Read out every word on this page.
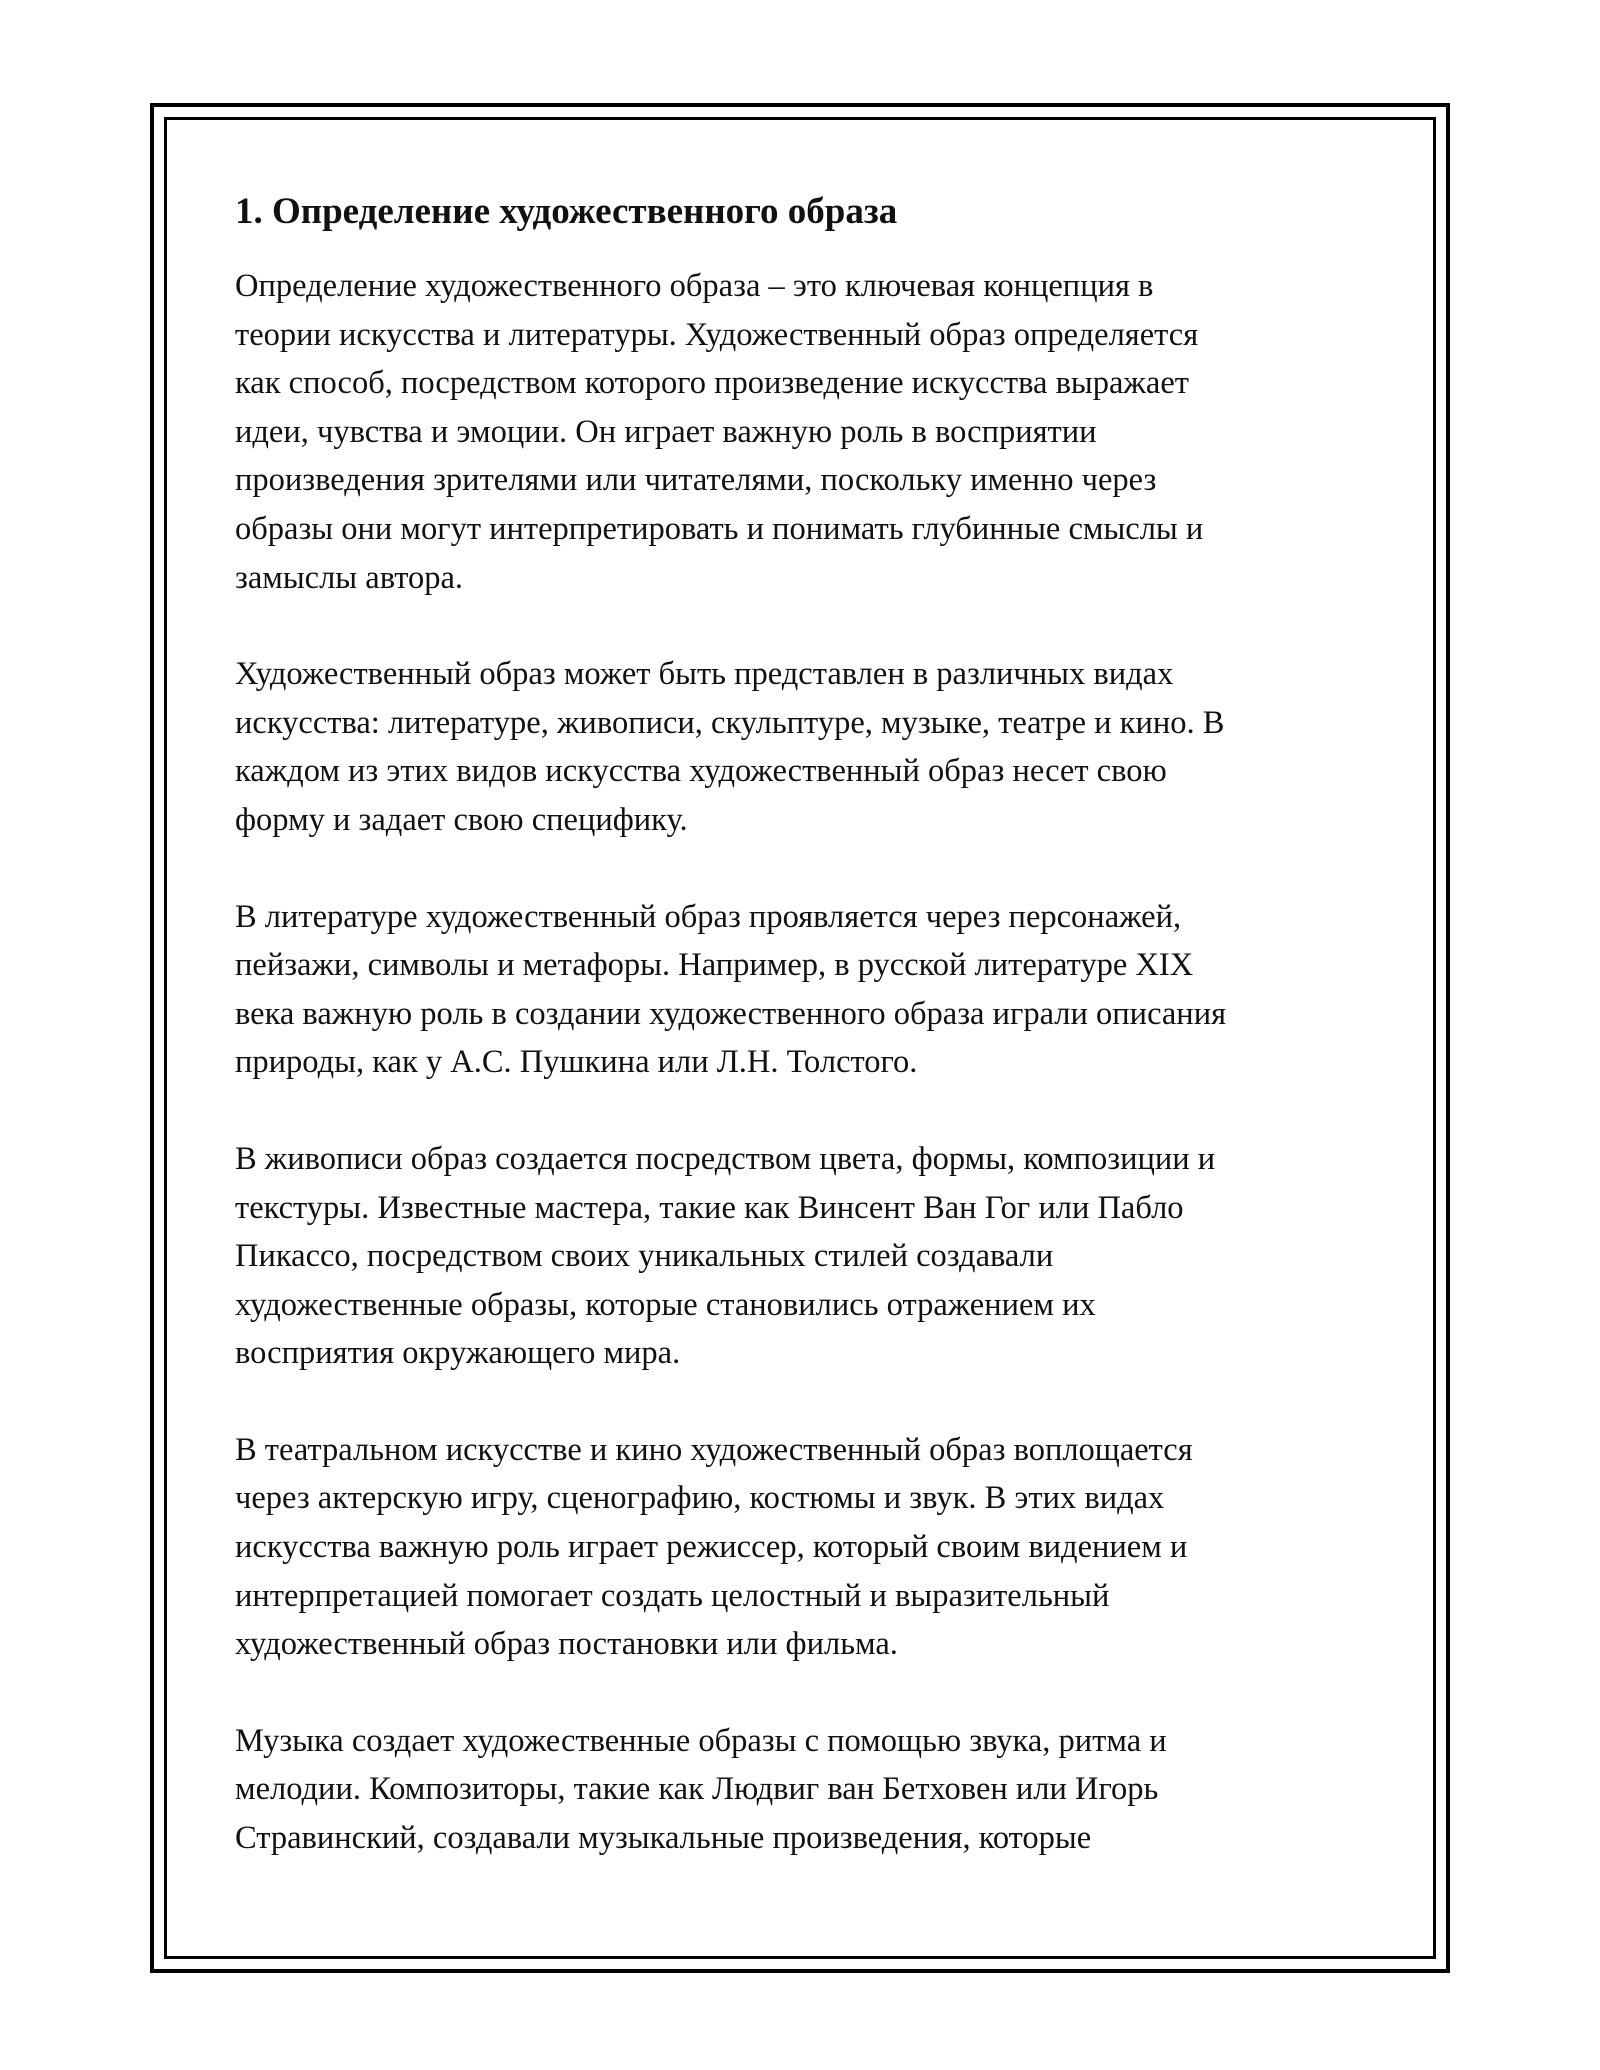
1. Определение художественного образа

Определение художественного образа – это ключевая концепция в
теории искусства и литературы. Художественный образ определяется
как способ, посредством которого произведение искусства выражает
идеи, чувства и эмоции. Он играет важную роль в восприятии
произведения зрителями или читателями, поскольку именно через
образы они могут интерпретировать и понимать глубинные смыслы и
замыслы автора.

Художественный образ может быть представлен в различных видах
искусства: литературе, живописи, скульптуре, музыке, театре и кино. В
каждом из этих видов искусства художественный образ несет свою
форму и задает свою специфику.

В литературе художественный образ проявляется через персонажей,
пейзажи, символы и метафоры. Например, в русской литературе XIX
века важную роль в создании художественного образа играли описания
природы, как у А.С. Пушкина или Л.Н. Толстого.

В живописи образ создается посредством цвета, формы, композиции и
текстуры. Известные мастера, такие как Винсент Ван Гог или Пабло
Пикассо, посредством своих уникальных стилей создавали
художественные образы, которые становились отражением их
восприятия окружающего мира.

В театральном искусстве и кино художественный образ воплощается
через актерскую игру, сценографию, костюмы и звук. В этих видах
искусства важную роль играет режиссер, который своим видением и
интерпретацией помогает создать целостный и выразительный
художественный образ постановки или фильма.

Музыка создает художественные образы с помощью звука, ритма и
мелодии. Композиторы, такие как Людвиг ван Бетховен или Игорь
Стравинский, создавали музыкальные произведения, которые
